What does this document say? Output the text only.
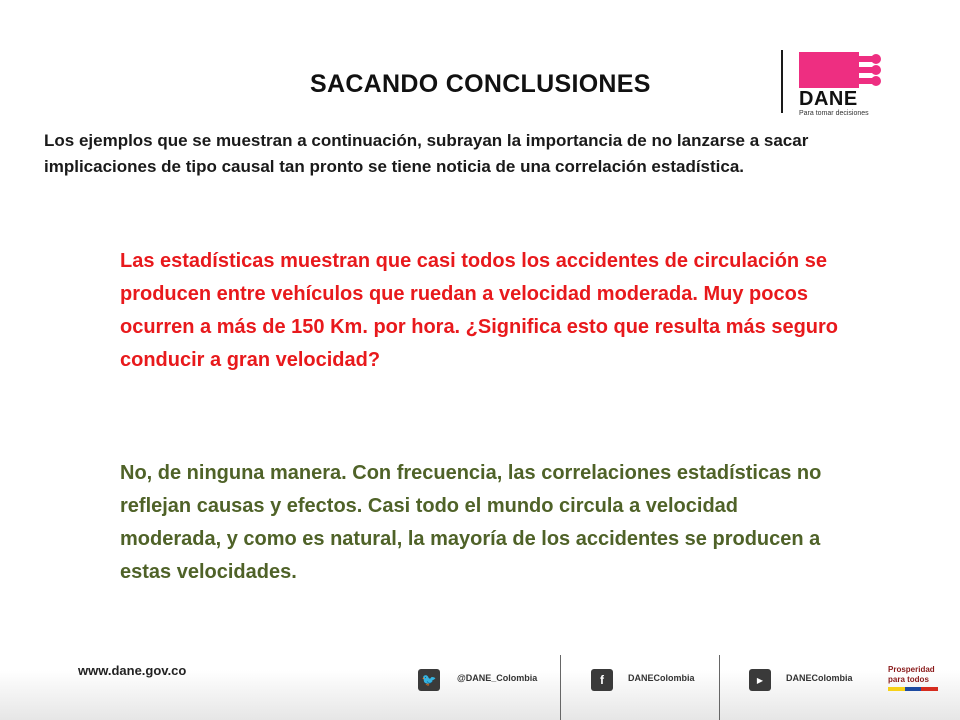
SACANDO CONCLUSIONES
DANE
Para tomar decisiones
Los ejemplos que se muestran a continuación, subrayan la importancia de no lanzarse a sacar implicaciones de tipo causal tan pronto se tiene noticia de una correlación estadística.
Las estadísticas muestran que casi todos los accidentes de circulación se producen entre vehículos que ruedan a velocidad moderada. Muy pocos ocurren a más de 150 Km. por hora. ¿Significa esto que resulta más seguro conducir a gran velocidad?
No, de ninguna manera. Con frecuencia, las correlaciones estadísticas no reflejan causas y efectos. Casi todo el mundo circula a velocidad moderada, y como es natural, la mayoría de los accidentes se producen a estas velocidades.
www.dane.gov.co
🐦	@DANE_Colombia	f	DANEColombia	▶	DANEColombia
Prosperidad
para todos
